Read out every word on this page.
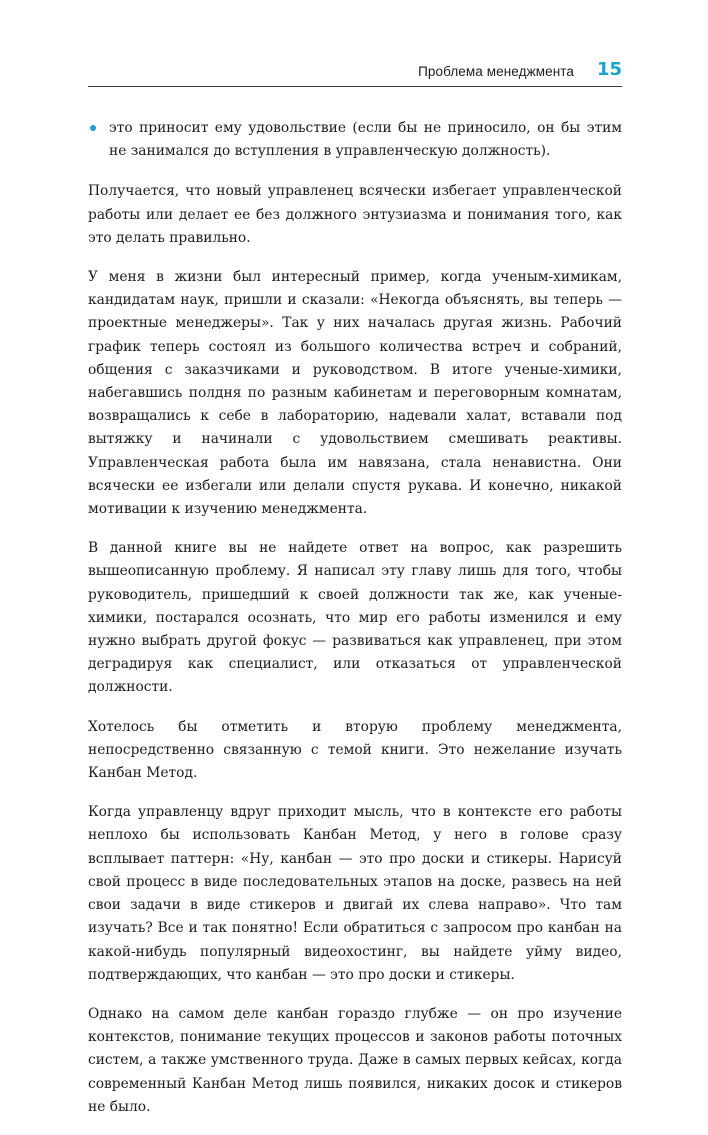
Проблема менеджмента 15
это приносит ему удовольствие (если бы не приносило, он бы этим не занимался до вступления в управленческую должность).

Получается, что новый управленец всячески избегает управленческой работы или делает ее без должного энтузиазма и понимания того, как это делать правильно.

У меня в жизни был интересный пример, когда ученым-химикам, кандидатам наук, пришли и сказали: «Некогда объяснять, вы теперь — проектные менеджеры». Так у них началась другая жизнь. Рабочий график теперь состоял из большого количества встреч и собраний, общения с заказчиками и руководством. В итоге ученые-химики, набегавшись полдня по разным кабинетам и переговорным комнатам, возвращались к себе в лабораторию, надевали халат, вставали под вытяжку и начинали с удовольствием смешивать реактивы. Управленческая работа была им навязана, стала ненавистна. Они всячески ее избегали или делали спустя рукава. И конечно, никакой мотивации к изучению менеджмента.

В данной книге вы не найдете ответ на вопрос, как разрешить вышеописанную проблему. Я написал эту главу лишь для того, чтобы руководитель, пришедший к своей должности так же, как ученые-химики, постарался осознать, что мир его работы изменился и ему нужно выбрать другой фокус — развиваться как управленец, при этом деградируя как специалист, или отказаться от управленческой должности.

Хотелось бы отметить и вторую проблему менеджмента, непосредственно связанную с темой книги. Это нежелание изучать Канбан Метод.

Когда управленцу вдруг приходит мысль, что в контексте его работы неплохо бы использовать Канбан Метод, у него в голове сразу всплывает паттерн: «Ну, канбан — это про доски и стикеры. Нарисуй свой процесс в виде последовательных этапов на доске, развесь на ней свои задачи в виде стикеров и двигай их слева направо». Что там изучать? Все и так понятно! Если обратиться с запросом про канбан на какой-нибудь популярный видеохостинг, вы найдете уйму видео, подтверждающих, что канбан — это про доски и стикеры.

Однако на самом деле канбан гораздо глубже — он про изучение контекстов, понимание текущих процессов и законов работы поточных систем, а также умственного труда. Даже в самых первых кейсах, когда современный Канбан Метод лишь появился, никаких досок и стикеров не было.
